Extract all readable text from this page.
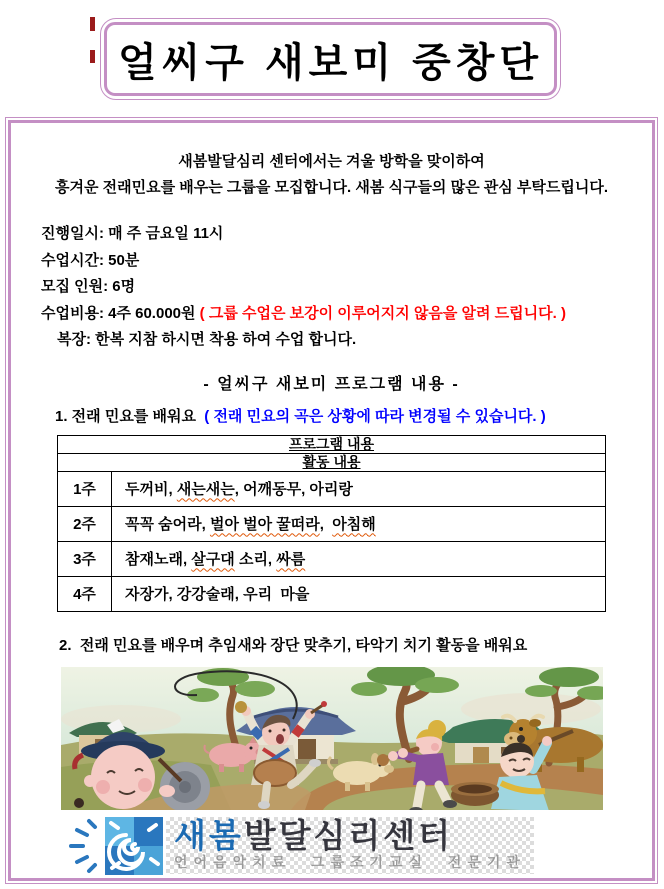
얼씨구 새보미 중창단
새봄발달심리 센터에서는 겨울 방학을 맞이하여
흥겨운 전래민요를 배우는 그룹을 모집합니다. 새봄 식구들의 많은 관심 부탁드립니다.
진행일시: 매 주 금요일 11시
수업시간: 50분
모집 인원: 6명
수업비용: 4주 60.000원 ( 그룹 수업은 보강이 이루어지지 않음을 알려 드립니다. )
복장: 한복 지참 하시면 착용 하여 수업 합니다.
- 얼씨구 새보미 프로그램 내용 -
1. 전래 민요를 배워요  ( 전래 민요의 곡은 상황에 따라 변경될 수 있습니다. )
프로그램 내용	
활동 내용	
1주	두꺼비, 새는새는, 어깨동무, 아리랑
2주	꼭꼭 숨어라, 벌아 벌아 꿀떠라,  아침해
3주	참재노래, 살구대 소리, 싸름
4주	자장가, 강강술래, 우리  마을
2.  전래 민요를 배우며 추임새와 장단 맞추기, 타악기 치기 활동을 배워요
새봄발달심리센터
언어음악치료  그룹조기교실  전문기관
